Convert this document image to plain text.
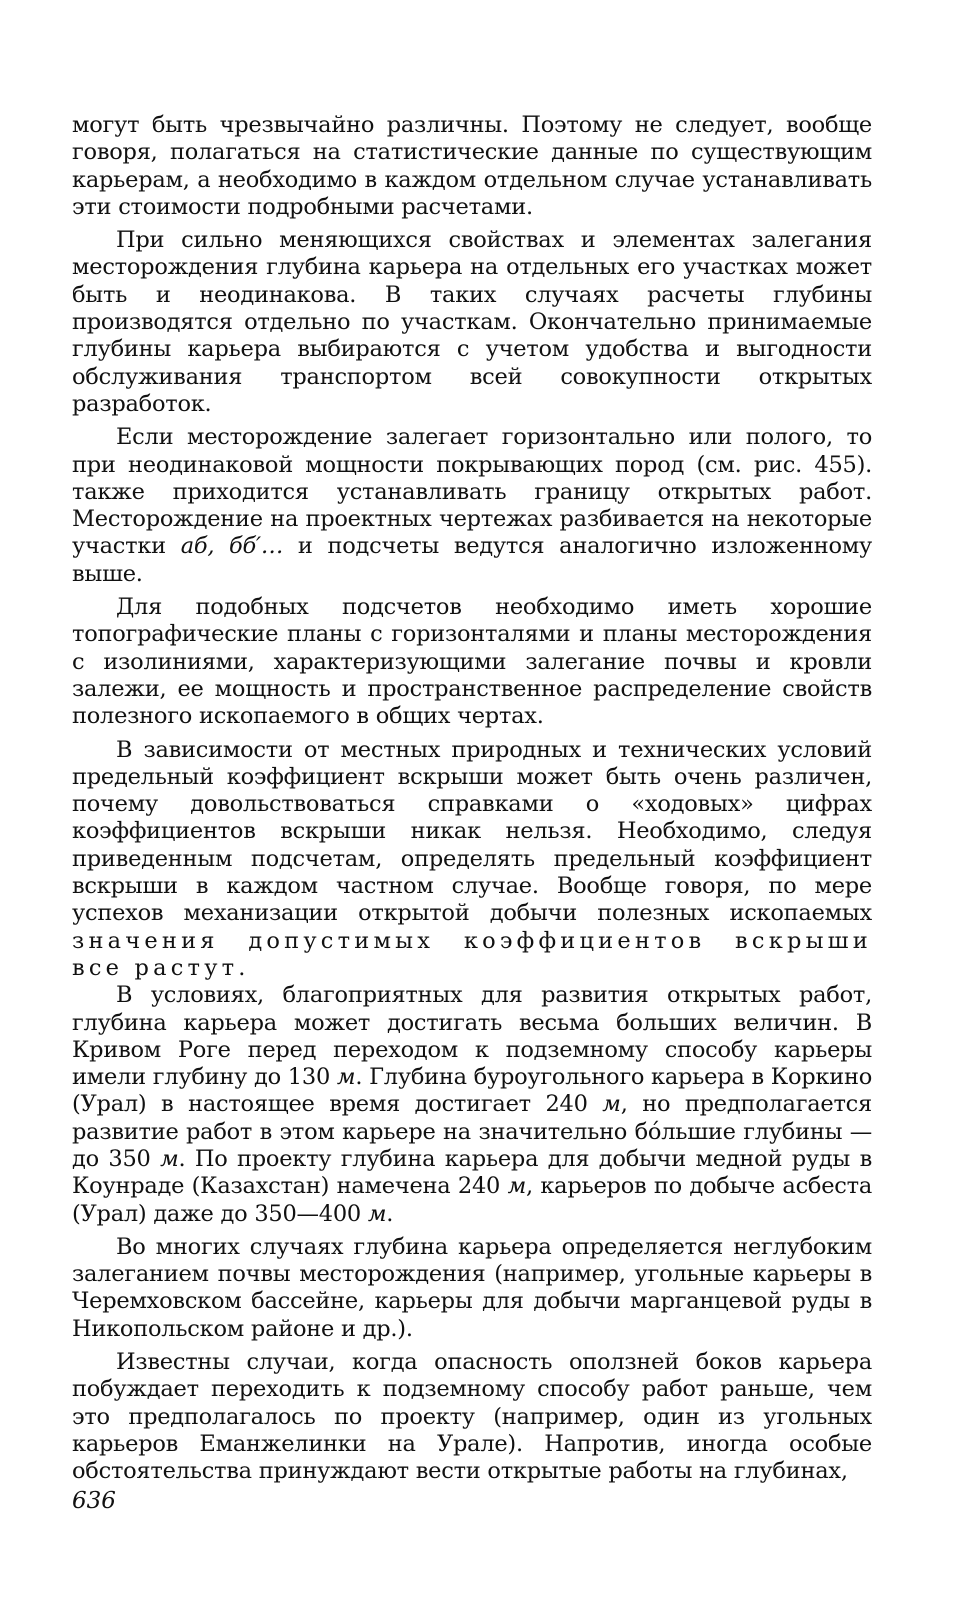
могут быть чрезвычайно различны. Поэтому не следует, вообще говоря, полагаться на статистические данные по существующим карьерам, а необходимо в каждом отдельном случае устанавливать эти стоимости подробными расчетами.

При сильно меняющихся свойствах и элементах залегания месторождения глубина карьера на отдельных его участках может быть и неодинакова. В таких случаях расчеты глубины производятся отдельно по участкам. Окончательно принимаемые глубины карьера выбираются с учетом удобства и выгодности обслуживания транспортом всей совокупности открытых разработок.

Если месторождение залегает горизонтально или полого, то при неодинаковой мощности покрывающих пород (см. рис. 455). также приходится устанавливать границу открытых работ. Месторождение на проектных чертежах разбивается на некоторые участки аб, бб′… и подсчеты ведутся аналогично изложенному выше.

Для подобных подсчетов необходимо иметь хорошие топографические планы с горизонталями и планы месторождения с изолиниями, характеризующими залегание почвы и кровли залежи, ее мощность и пространственное распределение свойств полезного ископаемого в общих чертах.

В зависимости от местных природных и технических условий предельный коэффициент вскрыши может быть очень различен, почему довольствоваться справками о «ходовых» цифрах коэффициентов вскрыши никак нельзя. Необходимо, следуя приведенным подсчетам, определять предельный коэффициент вскрыши в каждом частном случае. Вообще говоря, по мере успехов механизации открытой добычи полезных ископаемых значения допустимых коэффициентов вскрыши все растут.

В условиях, благоприятных для развития открытых работ, глубина карьера может достигать весьма больших величин. В Кривом Роге перед переходом к подземному способу карьеры имели глубину до 130 м. Глубина буроугольного карьера в Коркино (Урал) в настоящее время достигает 240 м, но предполагается развитие работ в этом карьере на значительно бо́льшие глубины — до 350 м. По проекту глубина карьера для добычи медной руды в Коунраде (Казахстан) намечена 240 м, карьеров по добыче асбеста (Урал) даже до 350—400 м.

Во многих случаях глубина карьера определяется неглубоким залеганием почвы месторождения (например, угольные карьеры в Черемховском бассейне, карьеры для добычи марганцевой руды в Никопольском районе и др.).

Известны случаи, когда опасность оползней боков карьера побуждает переходить к подземному способу работ раньше, чем это предполагалось по проекту (например, один из угольных карьеров Еманжелинки на Урале). Напротив, иногда особые обстоятельства принуждают вести открытые работы на глубинах,

636
